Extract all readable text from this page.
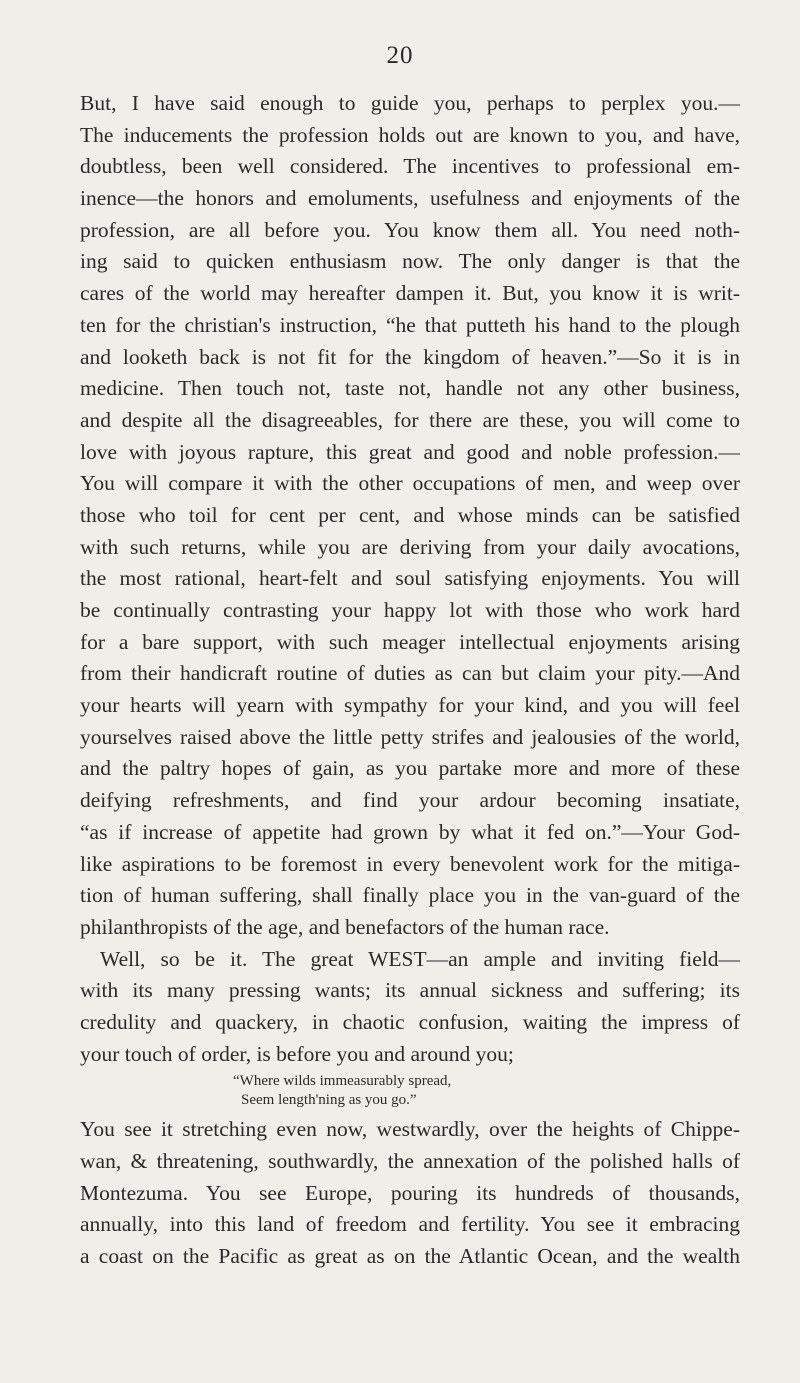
20
But, I have said enough to guide you, perhaps to perplex you.—
The inducements the profession holds out are known to you, and have,
doubtless, been well considered. The incentives to professional em-
inence—the honors and emoluments, usefulness and enjoyments of the
profession, are all before you. You know them all. You need noth-
ing said to quicken enthusiasm now. The only danger is that the
cares of the world may hereafter dampen it. But, you know it is writ-
ten for the christian's instruction, “he that putteth his hand to the plough
and looketh back is not fit for the kingdom of heaven.”—So it is in
medicine. Then touch not, taste not, handle not any other business,
and despite all the disagreeables, for there are these, you will come to
love with joyous rapture, this great and good and noble profession.—
You will compare it with the other occupations of men, and weep over
those who toil for cent per cent, and whose minds can be satisfied
with such returns, while you are deriving from your daily avocations,
the most rational, heart-felt and soul satisfying enjoyments. You will
be continually contrasting your happy lot with those who work hard
for a bare support, with such meager intellectual enjoyments arising
from their handicraft routine of duties as can but claim your pity.—And
your hearts will yearn with sympathy for your kind, and you will feel
yourselves raised above the little petty strifes and jealousies of the world,
and the paltry hopes of gain, as you partake more and more of these
deifying refreshments, and find your ardour becoming insatiate,
“as if increase of appetite had grown by what it fed on.”—Your God-
like aspirations to be foremost in every benevolent work for the mitiga-
tion of human suffering, shall finally place you in the van-guard of the
philanthropists of the age, and benefactors of the human race.
Well, so be it. The great WEST—an ample and inviting field—
with its many pressing wants; its annual sickness and suffering; its
credulity and quackery, in chaotic confusion, waiting the impress of
your touch of order, is before you and around you;
“Where wilds immeasurably spread,
Seem length'ning as you go.”
You see it stretching even now, westwardly, over the heights of Chippe-
wan, & threatening, southwardly, the annexation of the polished halls of
Montezuma. You see Europe, pouring its hundreds of thousands,
annually, into this land of freedom and fertility. You see it embracing
a coast on the Pacific as great as on the Atlantic Ocean, and the wealth
